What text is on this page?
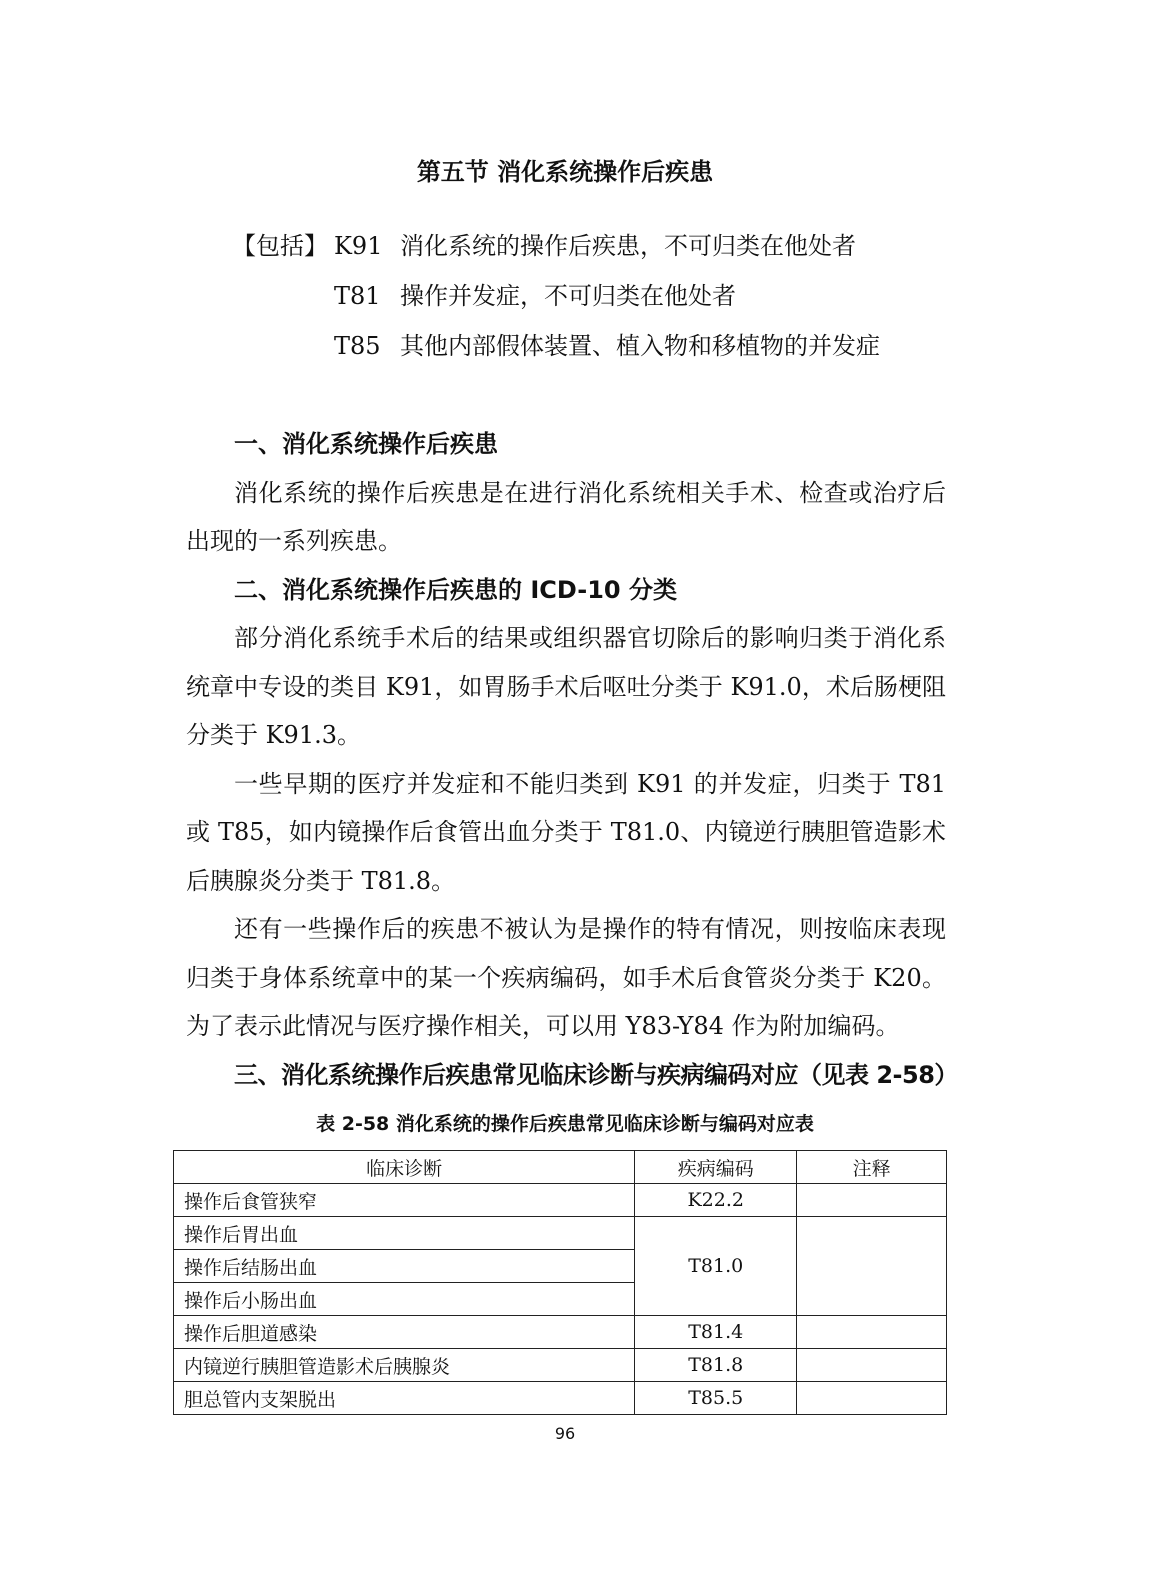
第五节 消化系统操作后疾患
【包括】 K91 消化系统的操作后疾患，不可归类在他处者
T81 操作并发症，不可归类在他处者
T85 其他内部假体装置、植入物和移植物的并发症
一、消化系统操作后疾患

消化系统的操作后疾患是在进行消化系统相关手术、检查或治疗后出现的一系列疾患。

二、消化系统操作后疾患的 ICD-10 分类

部分消化系统手术后的结果或组织器官切除后的影响归类于消化系统章中专设的类目 K91，如胃肠手术后呕吐分类于 K91.0，术后肠梗阻分类于 K91.3。

一些早期的医疗并发症和不能归类到 K91 的并发症，归类于 T81 或 T85，如内镜操作后食管出血分类于 T81.0、内镜逆行胰胆管造影术后胰腺炎分类于 T81.8。

还有一些操作后的疾患不被认为是操作的特有情况，则按临床表现归类于身体系统章中的某一个疾病编码，如手术后食管炎分类于 K20。为了表示此情况与医疗操作相关，可以用 Y83-Y84 作为附加编码。

三、消化系统操作后疾患常见临床诊断与疾病编码对应（见表 2-58）

表 2-58 消化系统的操作后疾患常见临床诊断与编码对应表

临床诊断	疾病编码	注释
操作后食管狭窄	K22.2	
操作后胃出血	T81.0	
操作后结肠出血		
操作后小肠出血		
操作后胆道感染	T81.4	
内镜逆行胰胆管造影术后胰腺炎	T81.8	
胆总管内支架脱出	T85.5	

96
